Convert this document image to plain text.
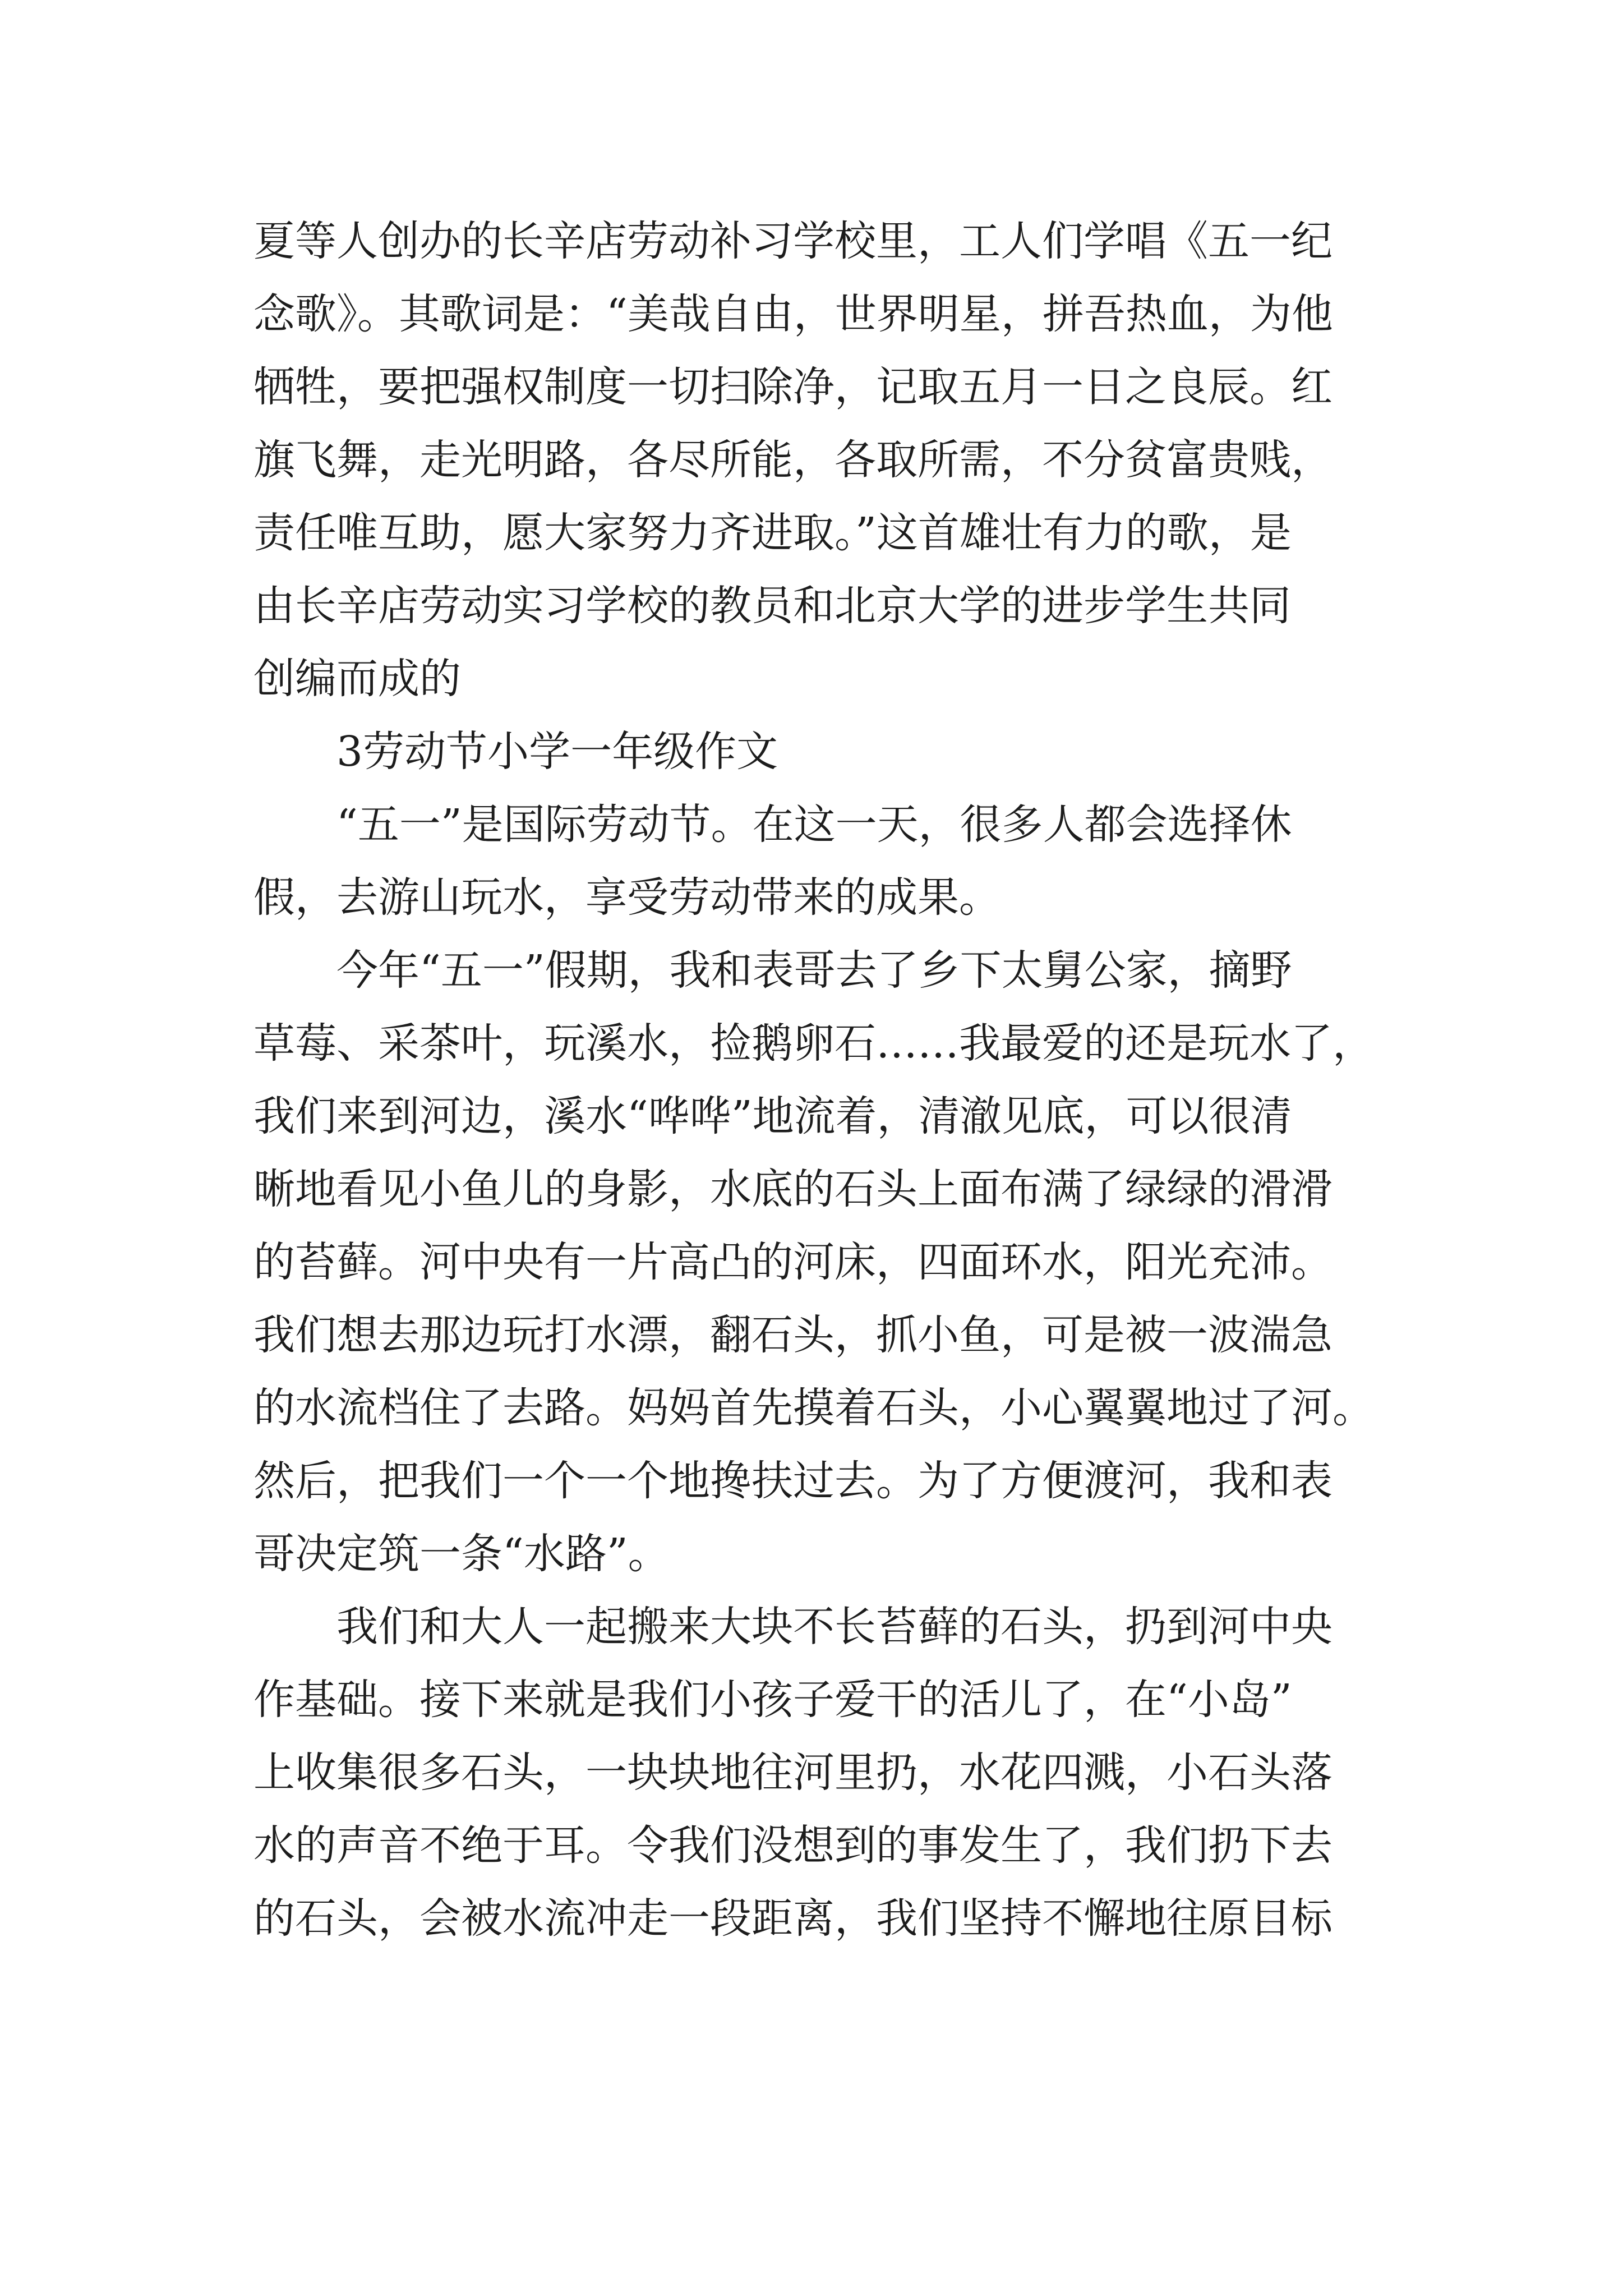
夏等人创办的长辛店劳动补习学校里，工人们学唱《五一纪
念歌》。其歌词是：“美哉自由，世界明星，拼吾热血，为他
牺牲，要把强权制度一切扫除净，记取五月一日之良辰。红
旗飞舞，走光明路，各尽所能，各取所需，不分贫富贵贱，
责任唯互助，愿大家努力齐进取。”这首雄壮有力的歌，是
由长辛店劳动实习学校的教员和北京大学的进步学生共同
创编而成的
3劳动节小学一年级作文
“五一”是国际劳动节。在这一天，很多人都会选择休
假，去游山玩水，享受劳动带来的成果。
今年“五一”假期，我和表哥去了乡下太舅公家，摘野
草莓、采茶叶，玩溪水，捡鹅卵石……我最爱的还是玩水了，
我们来到河边，溪水“哗哗”地流着，清澈见底，可以很清
晰地看见小鱼儿的身影，水底的石头上面布满了绿绿的滑滑
的苔藓。河中央有一片高凸的河床，四面环水，阳光充沛。
我们想去那边玩打水漂，翻石头，抓小鱼，可是被一波湍急
的水流档住了去路。妈妈首先摸着石头，小心翼翼地过了河。
然后，把我们一个一个地搀扶过去。为了方便渡河，我和表
哥决定筑一条“水路”。
我们和大人一起搬来大块不长苔藓的石头，扔到河中央
作基础。接下来就是我们小孩子爱干的活儿了，在“小岛”
上收集很多石头，一块块地往河里扔，水花四溅，小石头落
水的声音不绝于耳。令我们没想到的事发生了，我们扔下去
的石头，会被水流冲走一段距离，我们坚持不懈地往原目标
